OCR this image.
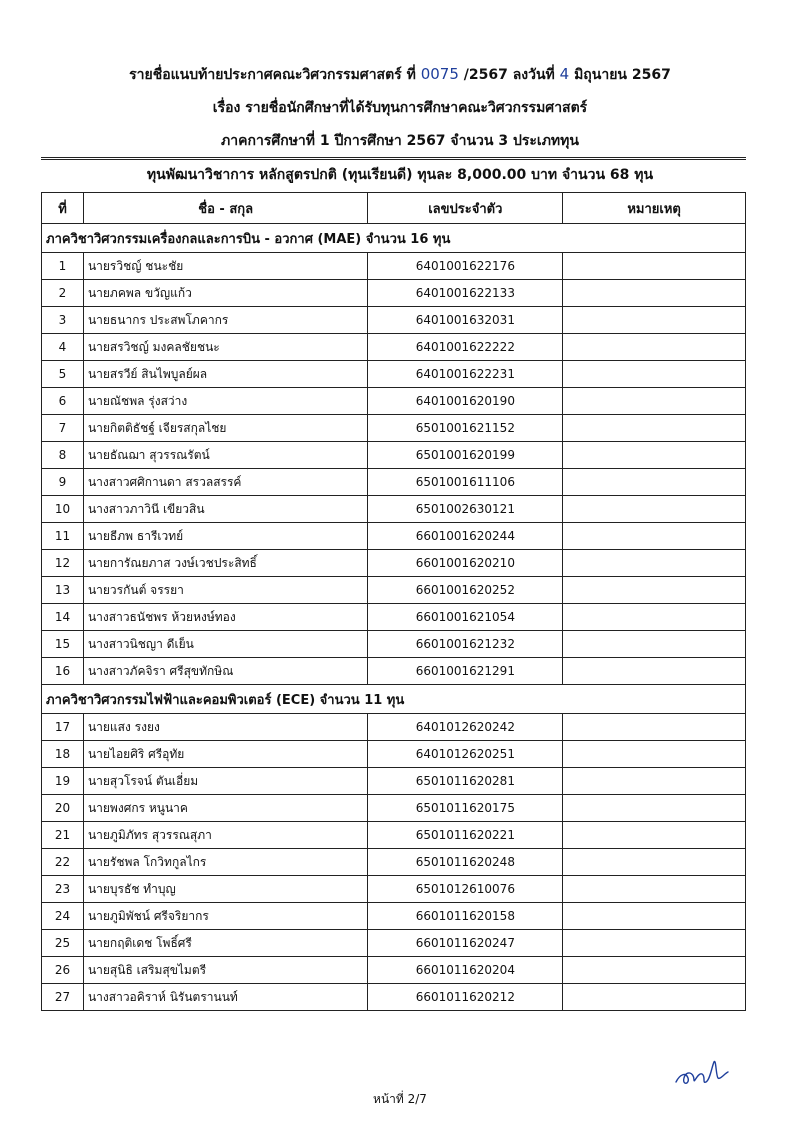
รายชื่อแนบท้ายประกาศคณะวิศวกรรมศาสตร์ ที่ 0075 /2567 ลงวันที่ 4 มิถุนายน 2567
เรื่อง รายชื่อนักศึกษาที่ได้รับทุนการศึกษาคณะวิศวกรรมศาสตร์
ภาคการศึกษาที่ 1 ปีการศึกษา 2567 จำนวน 3 ประเภททุน
ทุนพัฒนาวิชาการ หลักสูตรปกติ (ทุนเรียนดี) ทุนละ 8,000.00 บาท จำนวน 68 ทุน
ที่	ชื่อ - สกุล	เลขประจำตัว	หมายเหตุ
ภาควิชาวิศวกรรมเครื่องกลและการบิน - อวกาศ (MAE) จำนวน 16 ทุน			
1	นายรวิชญ์ ชนะชัย	6401001622176	
2	นายภคพล ขวัญแก้ว	6401001622133	
3	นายธนากร ประสพโภคากร	6401001632031	
4	นายสรวิชญ์ มงคลชัยชนะ	6401001622222	
5	นายสรวีย์ สินไพบูลย์ผล	6401001622231	
6	นายณัชพล รุ่งสว่าง	6401001620190	
7	นายกิตติธัชฐ์ เจียรสกุลไชย	6501001621152	
8	นายธัณฌา สุวรรณรัตน์	6501001620199	
9	นางสาวศศิกานดา สรวลสรรค์	6501001611106	
10	นางสาวภาวินี เขียวสิน	6501002630121	
11	นายธีภพ ธารีเวทย์	6601001620244	
12	นายการัณยภาส วงษ์เวชประสิทธิ์	6601001620210	
13	นายวรกันต์ จรรยา	6601001620252	
14	นางสาวธนัชพร ห้วยหงษ์ทอง	6601001621054	
15	นางสาวนิชญา ดีเย็น	6601001621232	
16	นางสาวภัคจิรา ศรีสุขทักษิณ	6601001621291	
ภาควิชาวิศวกรรมไฟฟ้าและคอมพิวเตอร์ (ECE) จำนวน 11 ทุน			
17	นายแสง รงยง	6401012620242	
18	นายไอยศิริ ศรีอุทัย	6401012620251	
19	นายสุวโรจน์ ตันเอี่ยม	6501011620281	
20	นายพงศกร หนูนาค	6501011620175	
21	นายภูมิภัทร สุวรรณสุภา	6501011620221	
22	นายรัชพล โกวิทกูลไกร	6501011620248	
23	นายบุรธัช ทำบุญ	6501012610076	
24	นายภูมิพัชน์ ศรีจริยากร	6601011620158	
25	นายกฤติเดช โพธิ์ศรี	6601011620247	
26	นายสุนิธิ เสริมสุขไมตรี	6601011620204	
27	นางสาวอคิราห์ นิรันตรานนท์	6601011620212	
หน้าที่ 2/7
